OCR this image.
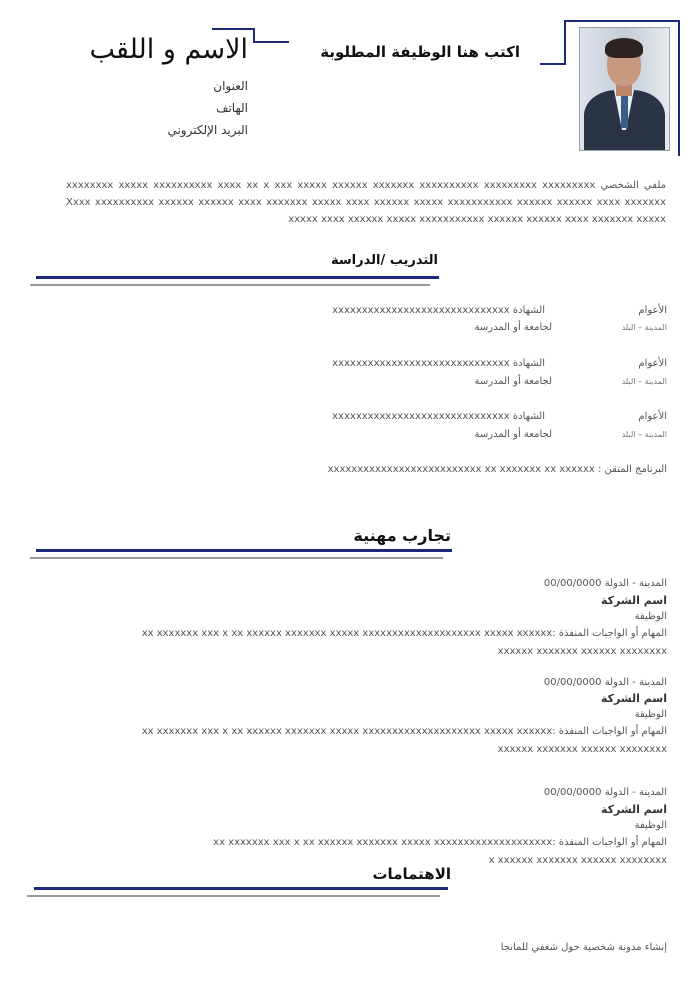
اكتب هنا الوظيفة المطلوبة
الاسم و اللقب
العنوان
الهاتف
البريد الإلكتروني
ملفي الشخصي xxxxxxxx xxxxx xxxxxxxxxx xxxx xx x xxx xxxxx xxxxxx xxxxxxx xxxxxxxxxx xxxxxxxxx xxxxxxxxx Xxxx xxxxxxxxxx xxxxxx xxxxxx xxxx xxxxxxx xxxxx xxxx xxxxxx xxxxx xxxxxxxxxxx xxxxxx xxxxxx xxxx xxxxxxx xxxxx xxxx xxxxxx xxxxx xxxxxxxxxxx xxxxxx xxxxxx xxxx xxxxxxx xxxxx
التدريب /الدراسة
الأعوام
المدينة – البلد
الشهادة xxxxxxxxxxxxxxxxxxxxxxxxxxxxxx
لجامعة أو المدرسة
الأعوام
المدينة – البلد
الشهادة xxxxxxxxxxxxxxxxxxxxxxxxxxxxxx
لجامعة أو المدرسة
الأعوام
المدينة – البلد
الشهادة xxxxxxxxxxxxxxxxxxxxxxxxxxxxxx
لجامعة أو المدرسة
البرنامج المتقن : xxxxxxxxxxxxxxxxxxxxxxxxxx xx xxxxxxx xx xxxxxx
تجارب مهنية
المدينة - الدولة 00/00/0000
اسم الشركة
الوظيفة
المهام أو الواجبات المنفذة :xx xxxxxxx xxx x xx xxxxxx xxxxxxx xxxxx xxxxxxxxxxxxxxxxxxxx xxxxx xxxxxx
xxxxxx xxxxxxx xxxxxx xxxxxxxx
المدينة - الدولة 00/00/0000
اسم الشركة
الوظيفة
المهام أو الواجبات المنفذة :xx xxxxxxx xxx x xx xxxxxx xxxxxxx xxxxx xxxxxxxxxxxxxxxxxxxx xxxxx xxxxxx
xxxxxx xxxxxxx xxxxxx xxxxxxxx
المدينة - الدولة 00/00/0000
اسم الشركة
الوظيفة
المهام أو الواجبات المنفذة :xx xxxxxxx xxx x xx xxxxxx xxxxxxx xxxxx xxxxxxxxxxxxxxxxxxxx
x xxxxxx xxxxxxx xxxxxx xxxxxxxx
الاهتمامات
إنشاء مدونة شخصية حول شغفي للمانجا
